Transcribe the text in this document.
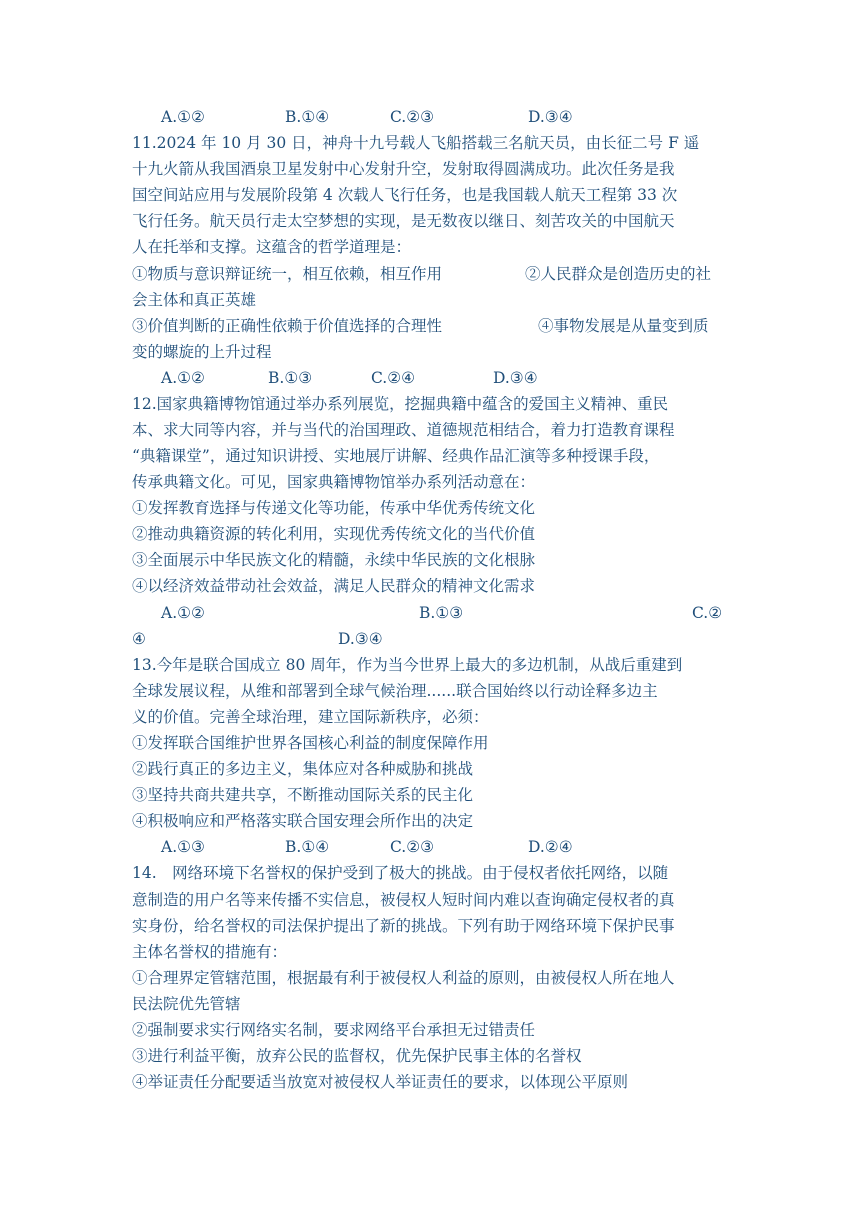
A.①②	B.①④	C.②③	D.③④
11.2024 年 10 月 30 日，神舟十九号载人飞船搭载三名航天员，由长征二号 F 遥
十九火箭从我国酒泉卫星发射中心发射升空，发射取得圆满成功。此次任务是我
国空间站应用与发展阶段第 4 次载人飞行任务，也是我国载人航天工程第 33 次
飞行任务。航天员行走太空梦想的实现，是无数夜以继日、刻苦攻关的中国航天
人在托举和支撑。这蕴含的哲学道理是：
①物质与意识辩证统一，相互依赖，相互作用	②人民群众是创造历史的社
会主体和真正英雄
③价值判断的正确性依赖于价值选择的合理性	④事物发展是从量变到质
变的螺旋的上升过程
A.①②	B.①③	C.②④	D.③④
12.国家典籍博物馆通过举办系列展览，挖掘典籍中蕴含的爱国主义精神、重民
本、求大同等内容，并与当代的治国理政、道德规范相结合，着力打造教育课程
“典籍课堂”，通过知识讲授、实地展厅讲解、经典作品汇演等多种授课手段，
传承典籍文化。可见，国家典籍博物馆举办系列活动意在：
①发挥教育选择与传递文化等功能，传承中华优秀传统文化
②推动典籍资源的转化利用，实现优秀传统文化的当代价值
③全面展示中华民族文化的精髓，永续中华民族的文化根脉
④以经济效益带动社会效益，满足人民群众的精神文化需求
A.①②	B.①③	C.②
④	D.③④
13.今年是联合国成立 80 周年，作为当今世界上最大的多边机制，从战后重建到
全球发展议程，从维和部署到全球气候治理......联合国始终以行动诠释多边主
义的价值。完善全球治理，建立国际新秩序，必须：
①发挥联合国维护世界各国核心利益的制度保障作用
②践行真正的多边主义，集体应对各种威胁和挑战
③坚持共商共建共享，不断推动国际关系的民主化
④积极响应和严格落实联合国安理会所作出的决定
A.①③	B.①④	C.②③	D.②④
14.　网络环境下名誉权的保护受到了极大的挑战。由于侵权者依托网络，以随
意制造的用户名等来传播不实信息，被侵权人短时间内难以查询确定侵权者的真
实身份，给名誉权的司法保护提出了新的挑战。下列有助于网络环境下保护民事
主体名誉权的措施有：
①合理界定管辖范围，根据最有利于被侵权人利益的原则，由被侵权人所在地人
民法院优先管辖
②强制要求实行网络实名制，要求网络平台承担无过错责任
③进行利益平衡，放弃公民的监督权，优先保护民事主体的名誉权
④举证责任分配要适当放宽对被侵权人举证责任的要求，以体现公平原则
